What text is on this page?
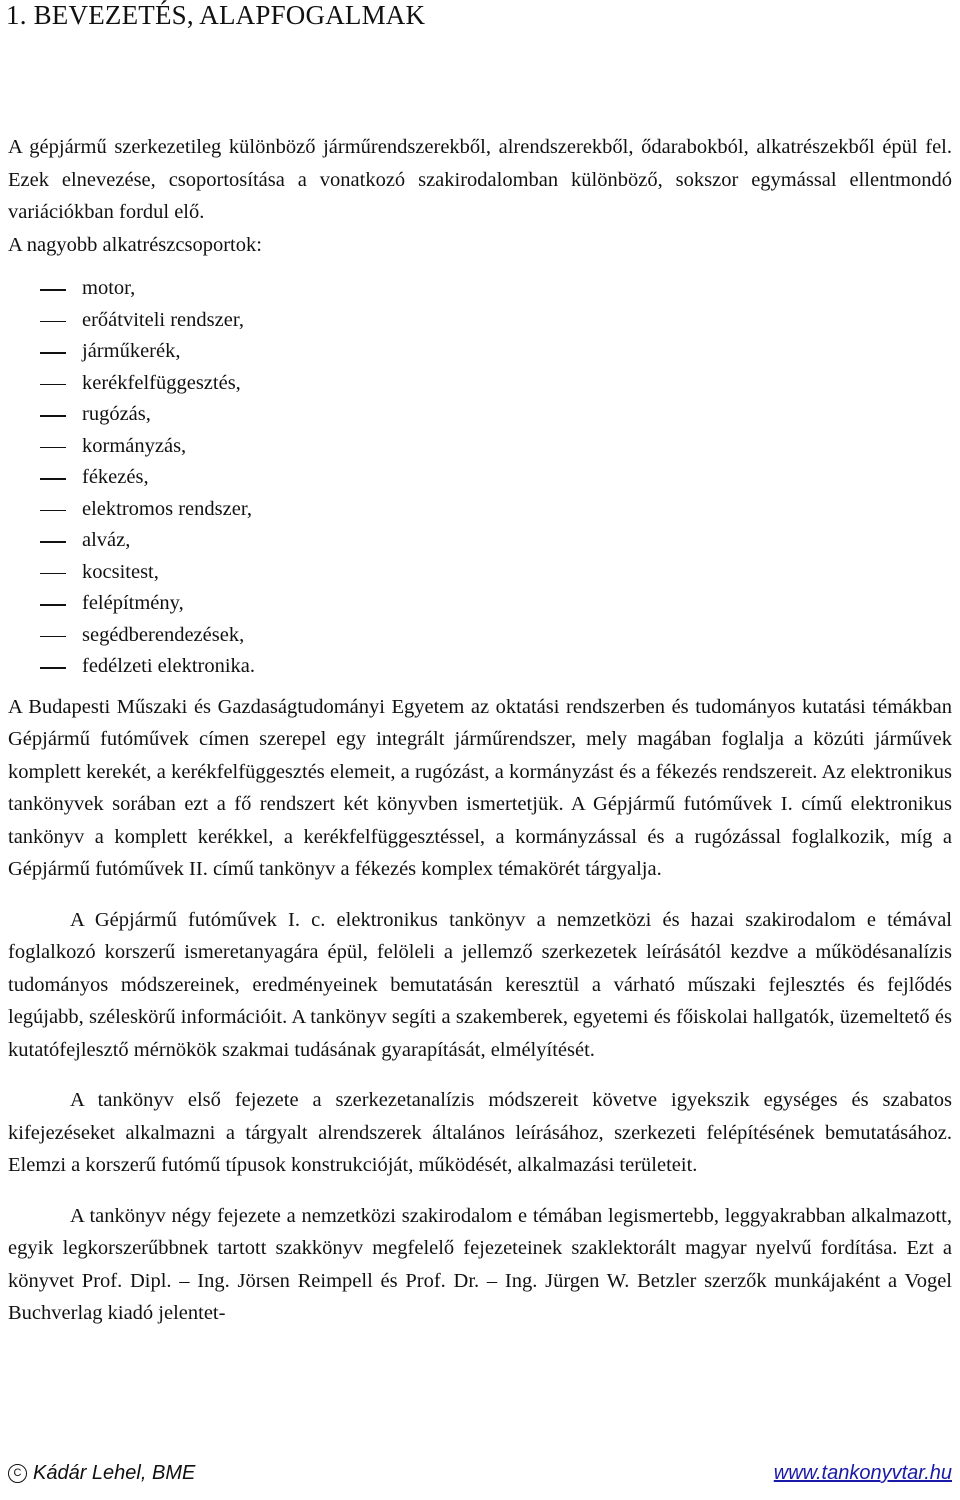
1. BEVEZETÉS, ALAPFOGALMAK

A gépjármű szerkezetileg különböző járműrendszerekből, alrendszerekből, ődarabokból, alkatrészekből épül fel. Ezek elnevezése, csoportosítása a vonatkozó szakirodalomban különböző, sokszor egymással ellentmondó variációkban fordul elő.

A nagyobb alkatrészcsoportok:

motor,
erőátviteli rendszer,
járműkerék,
kerékfelfüggesztés,
rugózás,
kormányzás,
fékezés,
elektromos rendszer,
alváz,
kocsitest,
felépítmény,
segédberendezések,
fedélzeti elektronika.

A Budapesti Műszaki és Gazdaságtudományi Egyetem az oktatási rendszerben és tudományos kutatási témákban Gépjármű futóművek címen szerepel egy integrált járműrendszer, mely magában foglalja a közúti járművek komplett kerekét, a kerékfelfüggesztés elemeit, a rugózást, a kormányzást és a fékezés rendszereit. Az elektronikus tankönyvek sorában ezt a fő rendszert két könyvben ismertetjük. A Gépjármű futóművek I. című elektronikus tankönyv a komplett kerékkel, a kerékfelfüggesztéssel, a kormányzással és a rugózással foglalkozik, míg a Gépjármű futóművek II. című tankönyv a fékezés komplex témakörét tárgyalja.

A Gépjármű futóművek I. c. elektronikus tankönyv a nemzetközi és hazai szakirodalom e témával foglalkozó korszerű ismeretanyagára épül, felöleli a jellemző szerkezetek leírásától kezdve a működésanalízis tudományos módszereinek, eredményeinek bemutatásán keresztül a várható műszaki fejlesztés és fejlődés legújabb, széleskörű információit. A tankönyv segíti a szakemberek, egyetemi és főiskolai hallgatók, üzemeltető és kutatófejlesztő mérnökök szakmai tudásának gyarapítását, elmélyítését.

A tankönyv első fejezete a szerkezetanalízis módszereit követve igyekszik egységes és szabatos kifejezéseket alkalmazni a tárgyalt alrendszerek általános leírásához, szerkezeti felépítésének bemutatásához. Elemzi a korszerű futómű típusok konstrukcióját, működését, alkalmazási területeit.

A tankönyv négy fejezete a nemzetközi szakirodalom e témában legismertebb, leggyakrabban alkalmazott, egyik legkorszerűbbnek tartott szakkönyv megfelelő fejezeteinek szaklektorált magyar nyelvű fordítása. Ezt a könyvet Prof. Dipl. – Ing. Jörsen Reimpell és Prof. Dr. – Ing. Jürgen W. Betzler szerzők munkájaként a Vogel Buchverlag kiadó jelentet-

C Kádár Lehel, BME	www.tankonyvtar.hu
